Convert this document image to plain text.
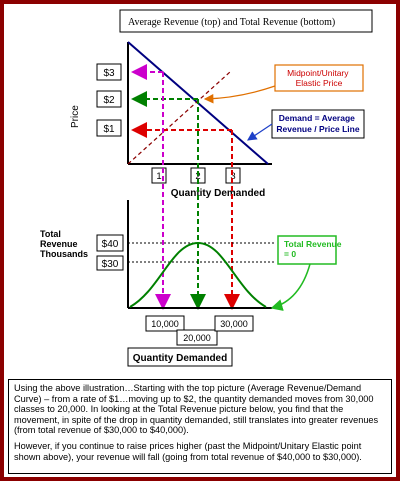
Average Revenue (top) and Total Revenue (bottom)
$3
$2
$1
Price
1	2	3
Quantity Demanded
Midpoint/Unitary Elastic Price
Demand = Average Revenue / Price Line
$40
$30
Total Revenue Thousands
Total Revenue = 0
10,000
20,000
30,000
Quantity Demanded

Using the above illustration…Starting with the top picture (Average Revenue/Demand Curve) – from a rate of $1…moving up to $2, the quantity demanded moves from 30,000 classes to 20,000. In looking at the Total Revenue picture below, you find that the movement, in spite of the drop in quantity demanded, still translates into greater revenues (from total revenue of $30,000 to $40,000).

However, if you continue to raise prices higher (past the Midpoint/Unitary Elastic point shown above), your revenue will fall (going from total revenue of $40,000 to $30,000).
